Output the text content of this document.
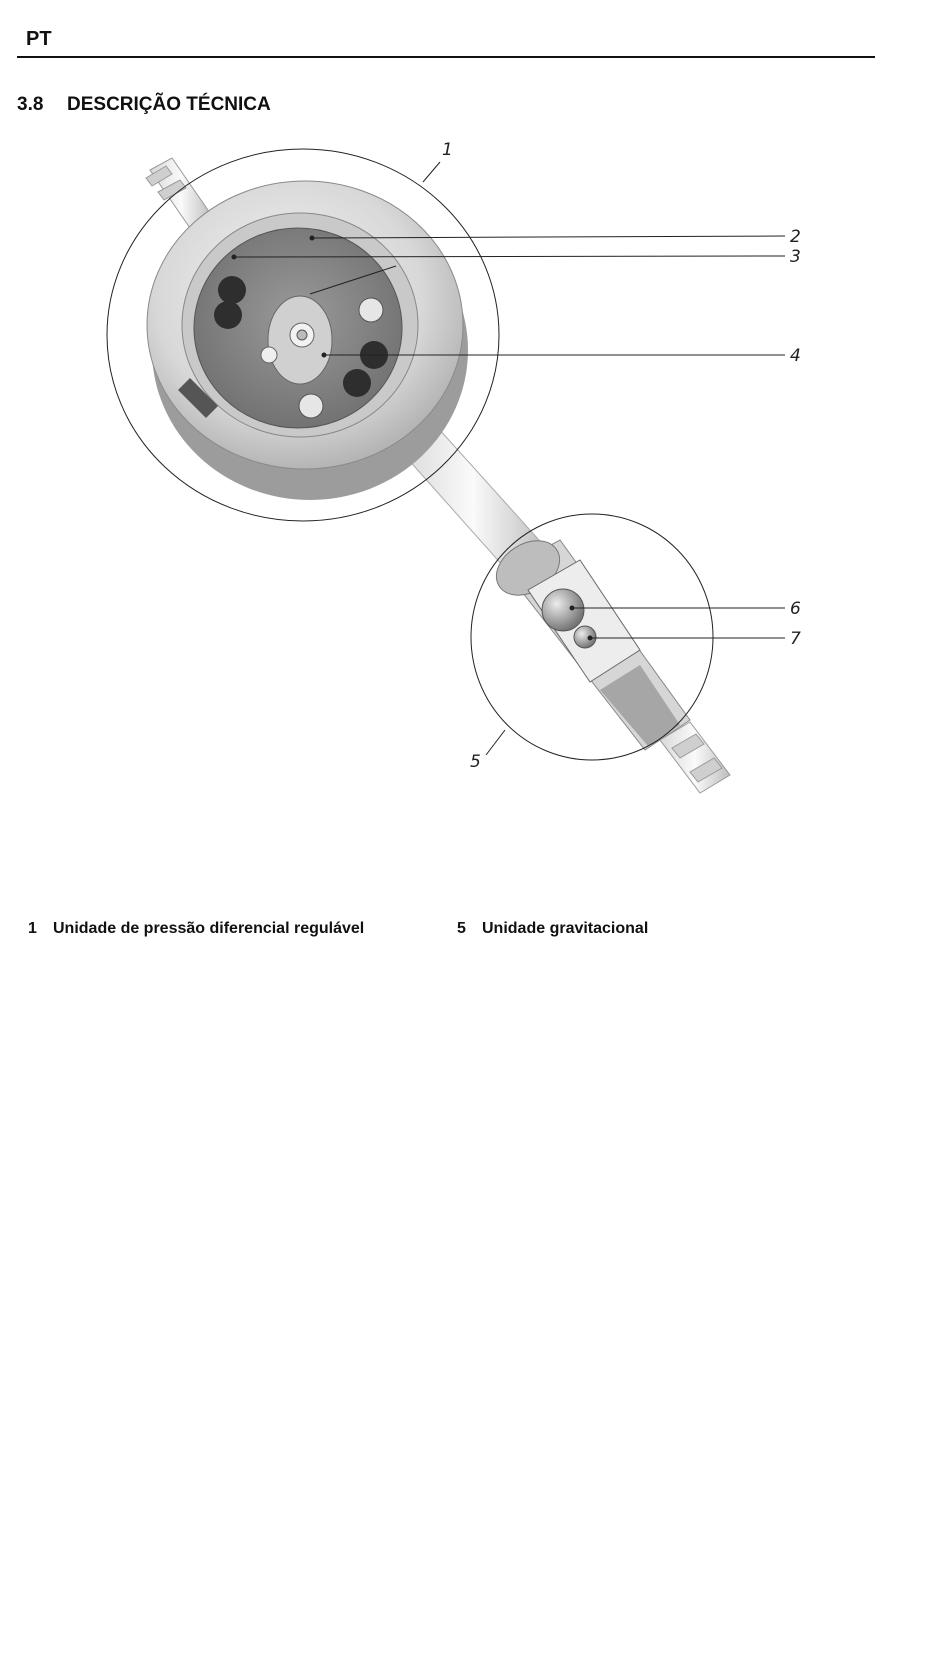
PT
3.8 DESCRIÇÃO TÉCNICA
1
2
3
4
5
6
7
1 Unidade de pressão diferencial regulável	5 Unidade gravitacional
